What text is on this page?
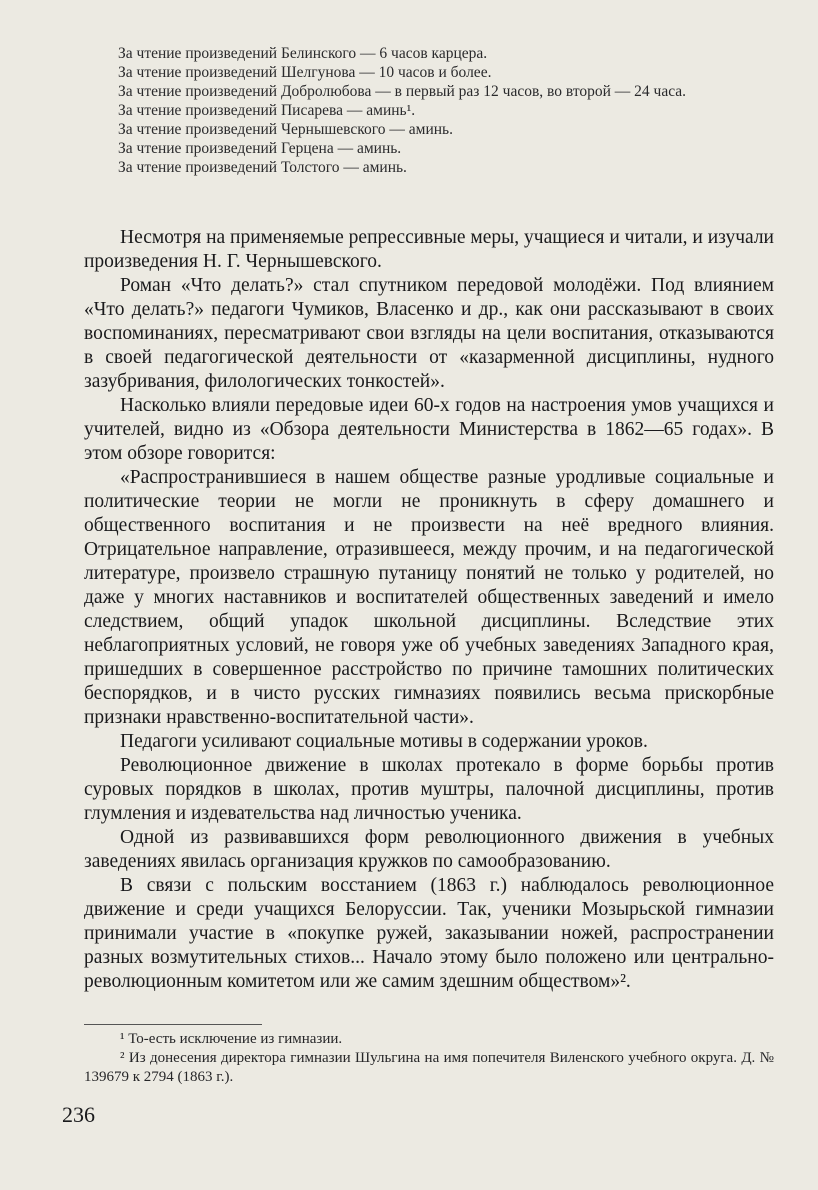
За чтение произведений Белинского — 6 часов карцера.

За чтение произведений Шелгунова — 10 часов и более.

За чтение произведений Добролюбова — в первый раз 12 часов, во второй — 24 часа.

За чтение произведений Писарева — аминь¹.

За чтение произведений Чернышевского — аминь.

За чтение произведений Герцена — аминь.

За чтение произведений Толстого — аминь.

Несмотря на применяемые репрессивные меры, учащиеся и читали, и изучали произведения Н. Г. Чернышевского.

Роман «Что делать?» стал спутником передовой молодёжи. Под влиянием «Что делать?» педагоги Чумиков, Власенко и др., как они рассказывают в своих воспоминаниях, пересматривают свои взгляды на цели воспитания, отказываются в своей педагогической деятельности от «казарменной дисциплины, нудного зазубривания, филологических тонкостей».

Насколько влияли передовые идеи 60-х годов на настроения умов учащихся и учителей, видно из «Обзора деятельности Министерства в 1862—65 годах». В этом обзоре говорится:

«Распространившиеся в нашем обществе разные уродливые социальные и политические теории не могли не проникнуть в сферу домашнего и общественного воспитания и не произвести на неё вредного влияния. Отрицательное направление, отразившееся, между прочим, и на педагогической литературе, произвело страшную путаницу понятий не только у родителей, но даже у многих наставников и воспитателей общественных заведений и имело следствием, общий упадок школьной дисциплины. Вследствие этих неблагоприятных условий, не говоря уже об учебных заведениях Западного края, пришедших в совершенное расстройство по причине тамошних политических беспорядков, и в чисто русских гимназиях появились весьма прискорбные признаки нравственно-воспитательной части».

Педагоги усиливают социальные мотивы в содержании уроков.

Революционное движение в школах протекало в форме борьбы против суровых порядков в школах, против муштры, палочной дисциплины, против глумления и издевательства над личностью ученика.

Одной из развивавшихся форм революционного движения в учебных заведениях явилась организация кружков по самообразованию.

В связи с польским восстанием (1863 г.) наблюдалось революционное движение и среди учащихся Белоруссии. Так, ученики Мозырьской гимназии принимали участие в «покупке ружей, заказывании ножей, распространении разных возмутительных стихов... Начало этому было положено или центрально-революционным комитетом или же самим здешним обществом»².

¹ То-есть исключение из гимназии.

² Из донесения директора гимназии Шульгина на имя попечителя Виленского учебного округа. Д. № 139679 к 2794 (1863 г.).

236
